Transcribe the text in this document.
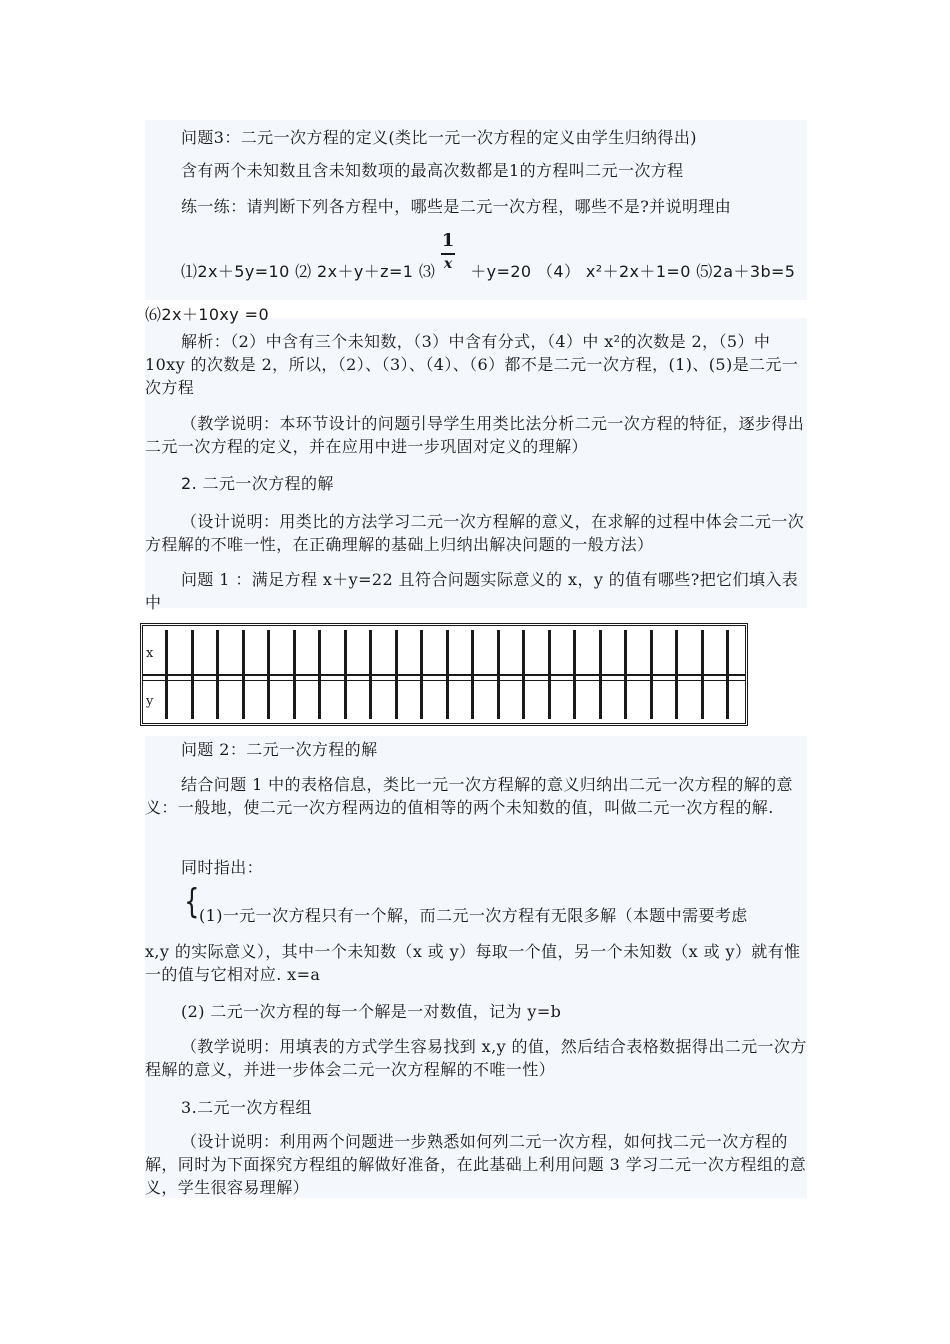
问题3：二元一次方程的定义(类比一元一次方程的定义由学生归纳得出)
含有两个未知数且含未知数项的最高次数都是1的方程叫二元一次方程
练一练：请判断下列各方程中，哪些是二元一次方程，哪些不是?并说明理由
1
x
⑴2x＋5y=10 ⑵ 2x＋y＋z=1 ⑶ ＋y=20 （4） x²＋2x＋1=0 ⑸2a＋3b=5
⑹2x＋10xy =0
解析：（2）中含有三个未知数，（3）中含有分式，（4）中 x²的次数是 2，（5）中 10xy 的次数是 2，所以，（2）、（3）、（4）、（6）都不是二元一次方程，(1)、(5)是二元一次方程
（教学说明：本环节设计的问题引导学生用类比法分析二元一次方程的特征，逐步得出二元一次方程的定义，并在应用中进一步巩固对定义的理解）
2. 二元一次方程的解
（设计说明：用类比的方法学习二元一次方程解的意义，在求解的过程中体会二元一次方程解的不唯一性，在正确理解的基础上归纳出解决问题的一般方法）
问题 1 ：满足方程 x＋y=22 且符合问题实际意义的 x，y 的值有哪些?把它们填入表中
x
y
问题 2：二元一次方程的解
结合问题 1 中的表格信息，类比一元一次方程解的意义归纳出二元一次方程的解的意义：一般地，使二元一次方程两边的值相等的两个未知数的值，叫做二元一次方程的解.
同时指出：
{ (1)一元一次方程只有一个解，而二元一次方程有无限多解（本题中需要考虑
x,y 的实际意义），其中一个未知数（x 或 y）每取一个值，另一个未知数（x 或 y）就有惟一的值与它相对应. x=a
(2) 二元一次方程的每一个解是一对数值，记为 y=b
（教学说明：用填表的方式学生容易找到 x,y 的值，然后结合表格数据得出二元一次方程解的意义，并进一步体会二元一次方程解的不唯一性）
3.二元一次方程组
（设计说明：利用两个问题进一步熟悉如何列二元一次方程，如何找二元一次方程的解，同时为下面探究方程组的解做好准备，在此基础上利用问题 3 学习二元一次方程组的意义，学生很容易理解）
